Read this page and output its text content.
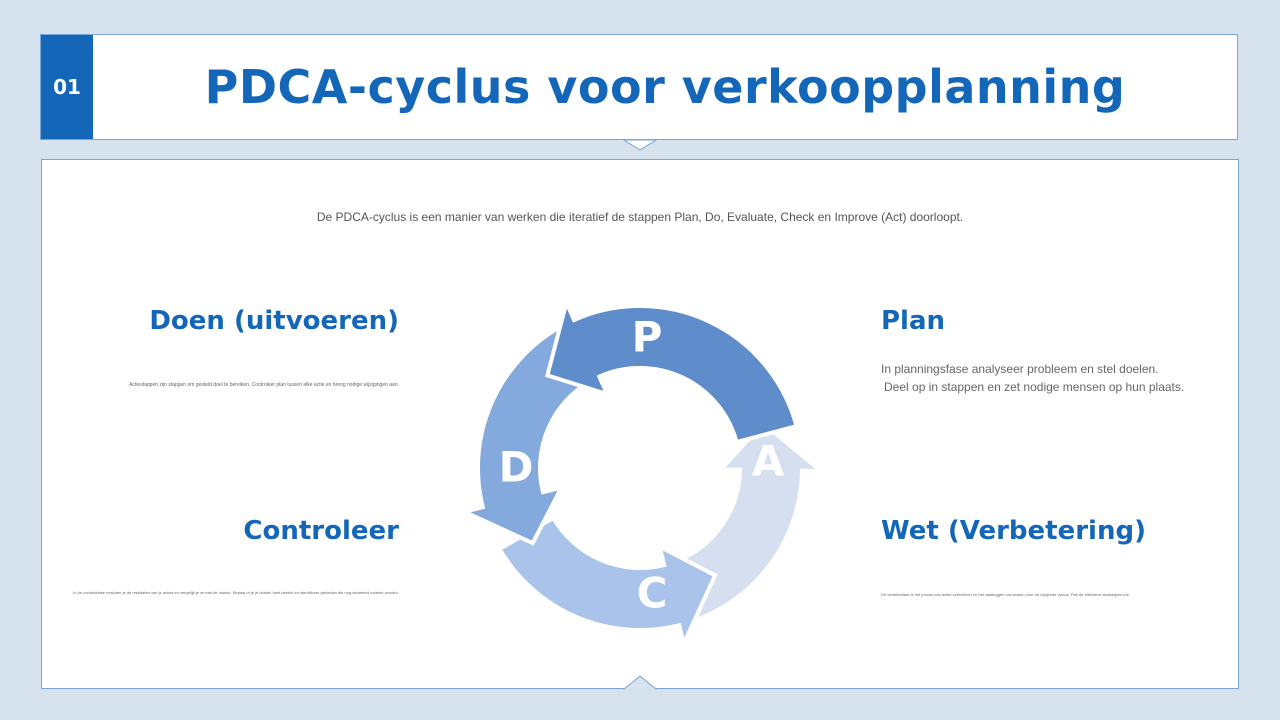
01	PDCA-cyclus voor verkoopplanning
De PDCA-cyclus is een manier van werken die iteratief de stappen Plan, Do, Evaluate, Check en Improve (Act) doorloopt.
Doen (uitvoeren)
Actiestappen zijn stappen om gesteld doel te bereiken. Controleer plan tussen elke actie en breng nodige wijzigingen aan.
Controleer
In de controlefase evalueer je de resultaten van je acties en vergelijk je ze met de doelen. Bepaal of je je doelen hebt bereikt en identificeer gebieden die nog verbeterd moeten worden.
Plan
In planningsfase analyseer probleem en stel doelen.
Deel op in stappen en zet nodige mensen op hun plaats.
Wet (Verbetering)
De verbeterfase is het proces van actief verbeteren en het vastleggen van lessen voor de volgende cyclus. Pas de effectieve werkwijzen toe.
P
A
C
D
